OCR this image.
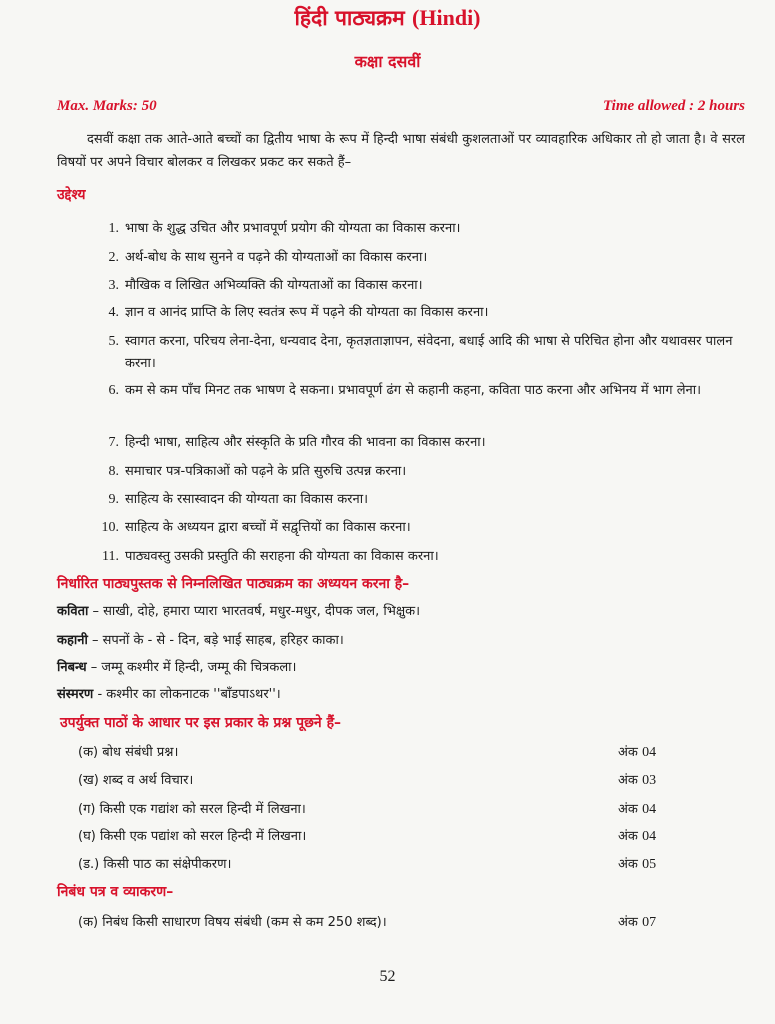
हिंदी पाठ्यक्रम (Hindi)
कक्षा दसवीं
Max. Marks: 50	Time allowed : 2 hours
दसवीं कक्षा तक आते-आते बच्चों का द्वितीय भाषा के रूप में हिन्दी भाषा संबंधी कुशलताओं पर व्यावहारिक अधिकार तो हो जाता है। वे सरल विषयों पर अपने विचार बोलकर व लिखकर प्रकट कर सकते हैं–
उद्देश्य
1. भाषा के शुद्ध उचित और प्रभावपूर्ण प्रयोग की योग्यता का विकास करना।
2. अर्थ-बोध के साथ सुनने व पढ़ने की योग्यताओं का विकास करना।
3. मौखिक व लिखित अभिव्यक्ति की योग्यताओं का विकास करना।
4. ज्ञान व आनंद प्राप्ति के लिए स्वतंत्र रूप में पढ़ने की योग्यता का विकास करना।
5. स्वागत करना, परिचय लेना-देना, धन्यवाद देना, कृतज्ञताज्ञापन, संवेदना, बधाई आदि की भाषा से परिचित होना और यथावसर पालन करना।
6. कम से कम पाँच मिनट तक भाषण दे सकना। प्रभावपूर्ण ढंग से कहानी कहना, कविता पाठ करना और अभिनय में भाग लेना।
7. हिन्दी भाषा, साहित्य और संस्कृति के प्रति गौरव की भावना का विकास करना।
8. समाचार पत्र-पत्रिकाओं को पढ़ने के प्रति सुरुचि उत्पन्न करना।
9. साहित्य के रसास्वादन की योग्यता का विकास करना।
10. साहित्य के अध्ययन द्वारा बच्चों में सद्वृत्तियों का विकास करना।
11. पाठ्यवस्तु उसकी प्रस्तुति की सराहना की योग्यता का विकास करना।
निर्धारित पाठ्यपुस्तक से निम्नलिखित पाठ्यक्रम का अध्ययन करना है–
कविता – साखी, दोहे, हमारा प्यारा भारतवर्ष, मधुर-मधुर, दीपक जल, भिक्षुक।
कहानी – सपनों के - से - दिन, बड़े भाई साहब, हरिहर काका।
निबन्ध – जम्मू कश्मीर में हिन्दी, जम्मू की चित्रकला।
संस्मरण - कश्मीर का लोकनाटक ''बाँडपाऽथर''।
उपर्युक्त पाठों के आधार पर इस प्रकार के प्रश्न पूछने हैं–
(क) बोध संबंधी प्रश्न।	अंक 04
(ख) शब्द व अर्थ विचार।	अंक 03
(ग) किसी एक गद्यांश को सरल हिन्दी में लिखना।	अंक 04
(घ) किसी एक पद्यांश को सरल हिन्दी में लिखना।	अंक 04
(ड.) किसी पाठ का संक्षेपीकरण।	अंक 05
निबंध पत्र व व्याकरण–
(क) निबंध किसी साधारण विषय संबंधी (कम से कम 250 शब्द)।	अंक 07
52
